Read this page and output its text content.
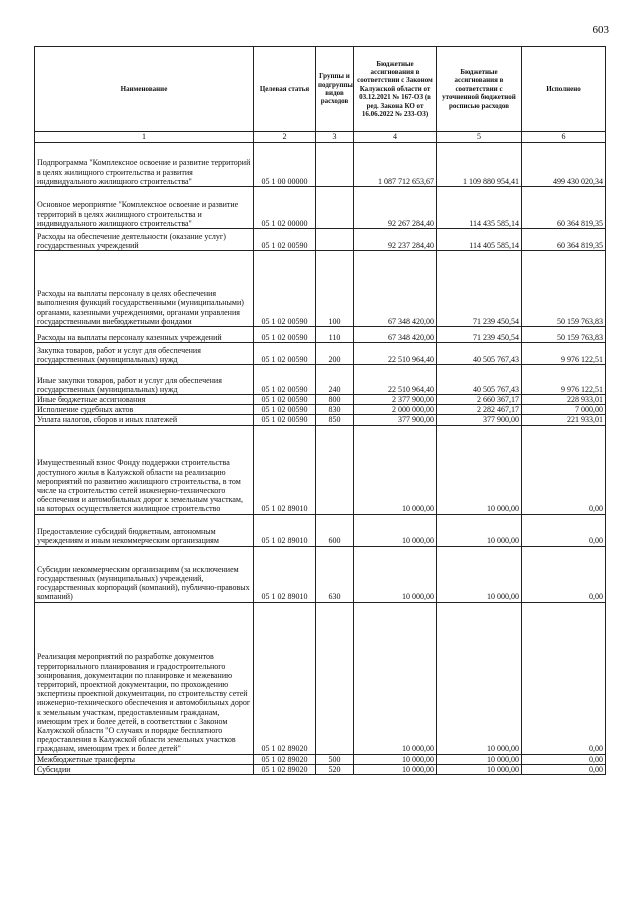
603
Наименование	Целевая статья	Группы и подгруппы видов расходов	Бюджетные ассигнования в соответствии с Законом Калужской области от 03.12.2021 № 167-ОЗ (в ред. Закона КО от 16.06.2022 № 233-ОЗ)	Бюджетные ассигнования в соответствии с уточненной бюджетной росписью расходов	Исполнено
1	2	3	4	5	6
Подпрограмма "Комплексное освоение и развитие территорий в целях жилищного строительства и развития индивидуального жилищного строительства"	05 1 00 00000		1 087 712 653,67	1 109 880 954,41	499 430 020,34
Основное мероприятие "Комплексное освоение и развитие территорий в целях жилищного строительства и индивидуального жилищного строительства"	05 1 02 00000		92 267 284,40	114 435 585,14	60 364 819,35
Расходы на обеспечение деятельности (оказание услуг) государственных учреждений	05 1 02 00590		92 237 284,40	114 405 585,14	60 364 819,35
Расходы на выплаты персоналу в целях обеспечения выполнения функций государственными (муниципальными) органами, казенными учреждениями, органами управления государственными внебюджетными фондами	05 1 02 00590	100	67 348 420,00	71 239 450,54	50 159 763,83
Расходы на выплаты персоналу казенных учреждений	05 1 02 00590	110	67 348 420,00	71 239 450,54	50 159 763,83
Закупка товаров, работ и услуг для обеспечения государственных (муниципальных) нужд	05 1 02 00590	200	22 510 964,40	40 505 767,43	9 976 122,51
Иные закупки товаров, работ и услуг для обеспечения государственных (муниципальных) нужд	05 1 02 00590	240	22 510 964,40	40 505 767,43	9 976 122,51
Иные бюджетные ассигнования	05 1 02 00590	800	2 377 900,00	2 660 367,17	228 933,01
Исполнение судебных актов	05 1 02 00590	830	2 000 000,00	2 282 467,17	7 000,00
Уплата налогов, сборов и иных платежей	05 1 02 00590	850	377 900,00	377 900,00	221 933,01
Имущественный взнос Фонду поддержки строительства доступного жилья в Калужской области на реализацию мероприятий по развитию жилищного строительства, в том числе на строительство сетей инженерно-технического обеспечения и автомобильных дорог к земельным участкам, на которых осуществляется жилищное строительство	05 1 02 89010		10 000,00	10 000,00	0,00
Предоставление субсидий бюджетным, автономным учреждениям и иным некоммерческим организациям	05 1 02 89010	600	10 000,00	10 000,00	0,00
Субсидии некоммерческим организациям (за исключением государственных (муниципальных) учреждений, государственных корпораций (компаний), публично-правовых компаний)	05 1 02 89010	630	10 000,00	10 000,00	0,00
Реализация мероприятий по разработке документов территориального планирования и градостроительного зонирования, документации по планировке и межеванию территорий, проектной документации, по прохождению экспертизы проектной документации, по строительству сетей инженерно-технического обеспечения и автомобильных дорог к земельным участкам, предоставленным гражданам, имеющим трех и более детей, в соответствии с Законом Калужской области "О случаях и порядке бесплатного предоставления в Калужской области земельных участков гражданам, имеющим трех и более детей"	05 1 02 89020		10 000,00	10 000,00	0,00
Межбюджетные трансферты	05 1 02 89020	500	10 000,00	10 000,00	0,00
Субсидии	05 1 02 89020	520	10 000,00	10 000,00	0,00
